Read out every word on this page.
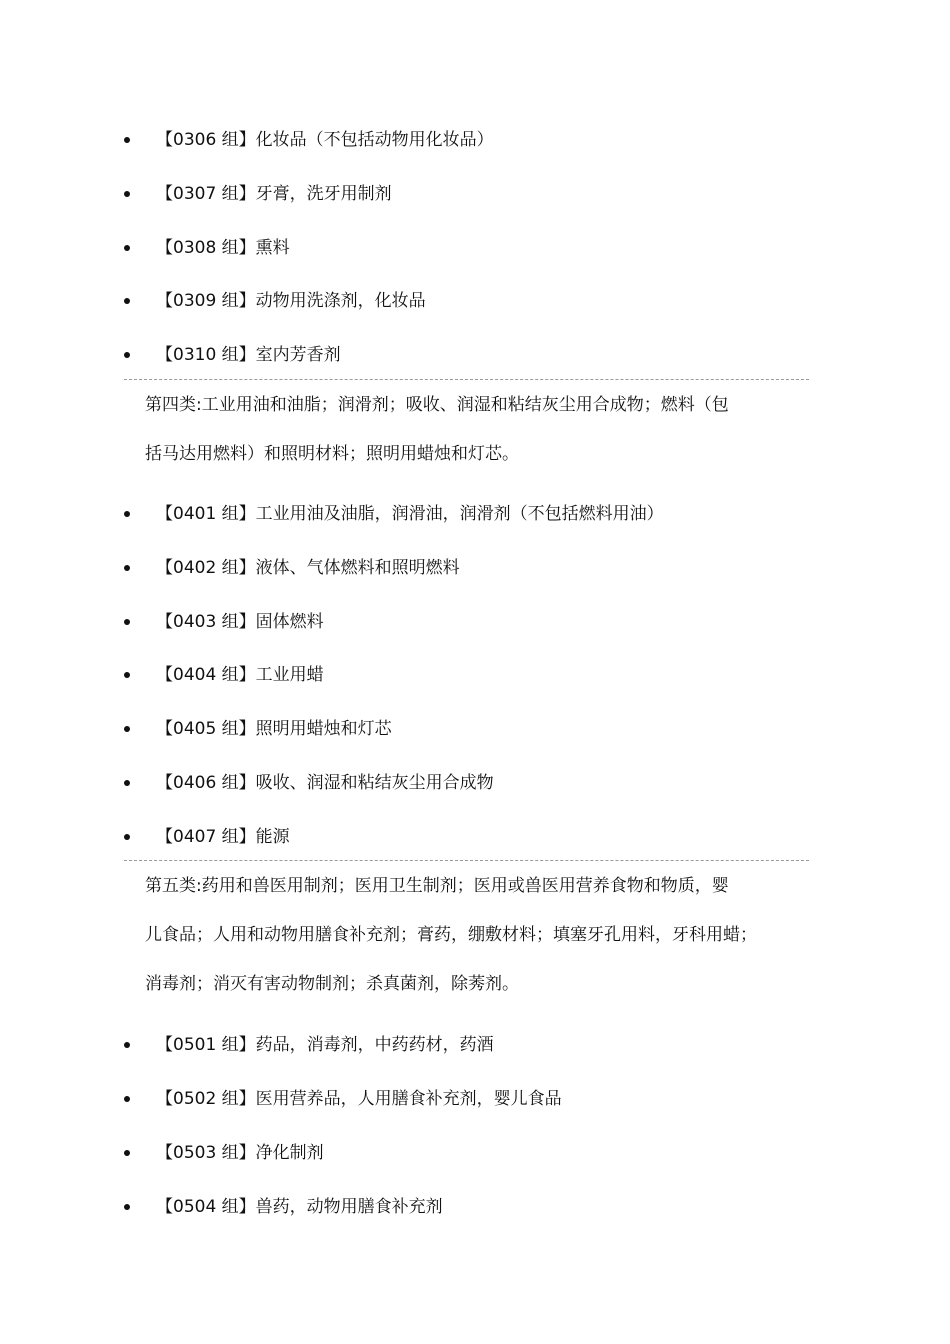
【0306 组】化妆品（不包括动物用化妆品）
【0307 组】牙膏，洗牙用制剂
【0308 组】熏料
【0309 组】动物用洗涤剂，化妆品
【0310 组】室内芳香剂
第四类:工业用油和油脂；润滑剂；吸收、润湿和粘结灰尘用合成物；燃料（包
括马达用燃料）和照明材料；照明用蜡烛和灯芯。
【0401 组】工业用油及油脂，润滑油，润滑剂（不包括燃料用油）
【0402 组】液体、气体燃料和照明燃料
【0403 组】固体燃料
【0404 组】工业用蜡
【0405 组】照明用蜡烛和灯芯
【0406 组】吸收、润湿和粘结灰尘用合成物
【0407 组】能源
第五类:药用和兽医用制剂；医用卫生制剂；医用或兽医用营养食物和物质，婴
儿食品；人用和动物用膳食补充剂；膏药，绷敷材料；填塞牙孔用料，牙科用蜡；
消毒剂；消灭有害动物制剂；杀真菌剂，除莠剂。
【0501 组】药品，消毒剂，中药药材，药酒
【0502 组】医用营养品，人用膳食补充剂，婴儿食品
【0503 组】净化制剂
【0504 组】兽药，动物用膳食补充剂
